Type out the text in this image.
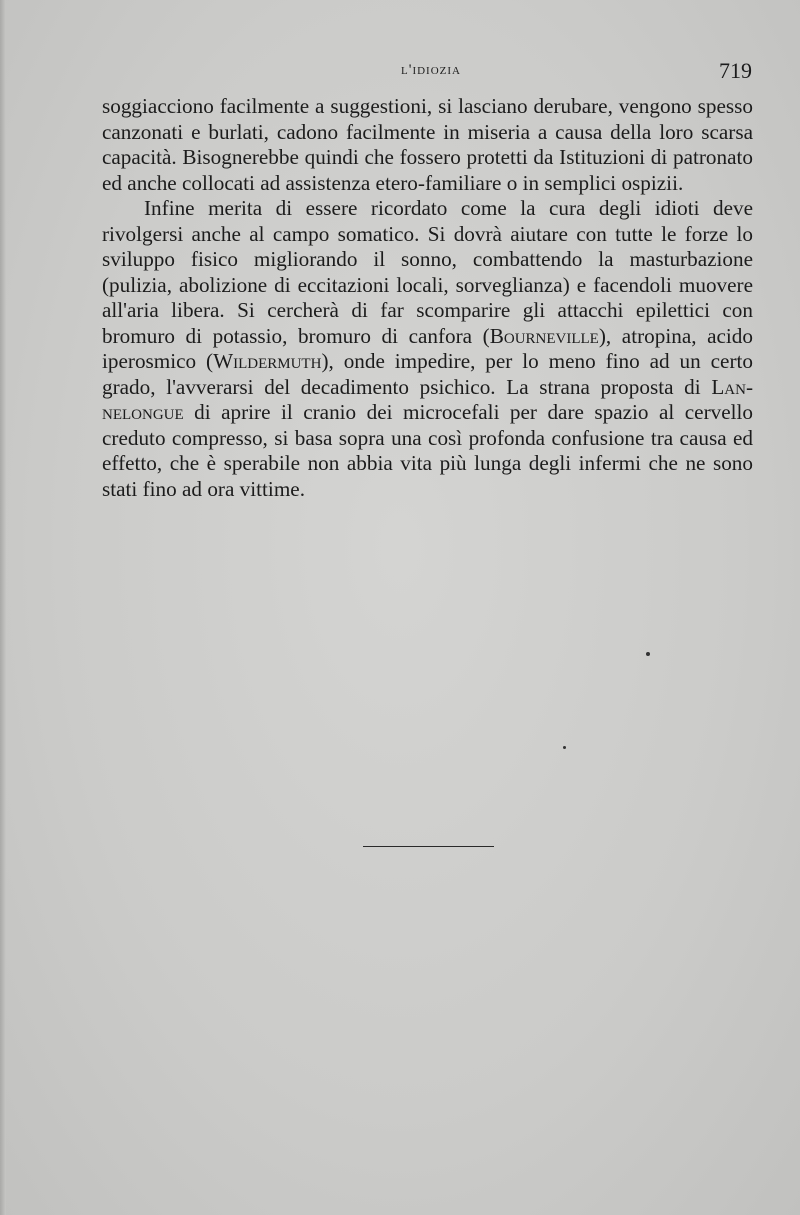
l'idiozia	719

soggiacciono facilmente a suggestioni, si lasciano derubare, vengono spesso canzonati e burlati, cadono facilmente in miseria a causa della loro scarsa capacità. Bisognerebbe quindi che fossero protetti da Istituzioni di patronato ed anche collocati ad assistenza etero-familiare o in semplici ospizii.

Infine merita di essere ricordato come la cura degli idioti deve rivolgersi anche al campo somatico. Si dovrà aiutare con tutte le forze lo sviluppo fisico migliorando il sonno, combattendo la masturbazione (pulizia, abolizione di eccitazioni locali, sorveglianza) e facendoli muovere all'aria libera. Si cercherà di far scomparire gli attacchi epilettici con bromuro di potassio, bromuro di canfora (Bourneville), atropina, acido iperosmico (Wildermuth), onde impedire, per lo meno fino ad un certo grado, l'avverarsi del decadimento psichico. La strana proposta di Lannelongue di aprire il cranio dei microcefali per dare spazio al cervello creduto compresso, si basa sopra una così profonda confusione tra causa ed effetto, che è sperabile non abbia vita più lunga degli infermi che ne sono stati fino ad ora vittime.
